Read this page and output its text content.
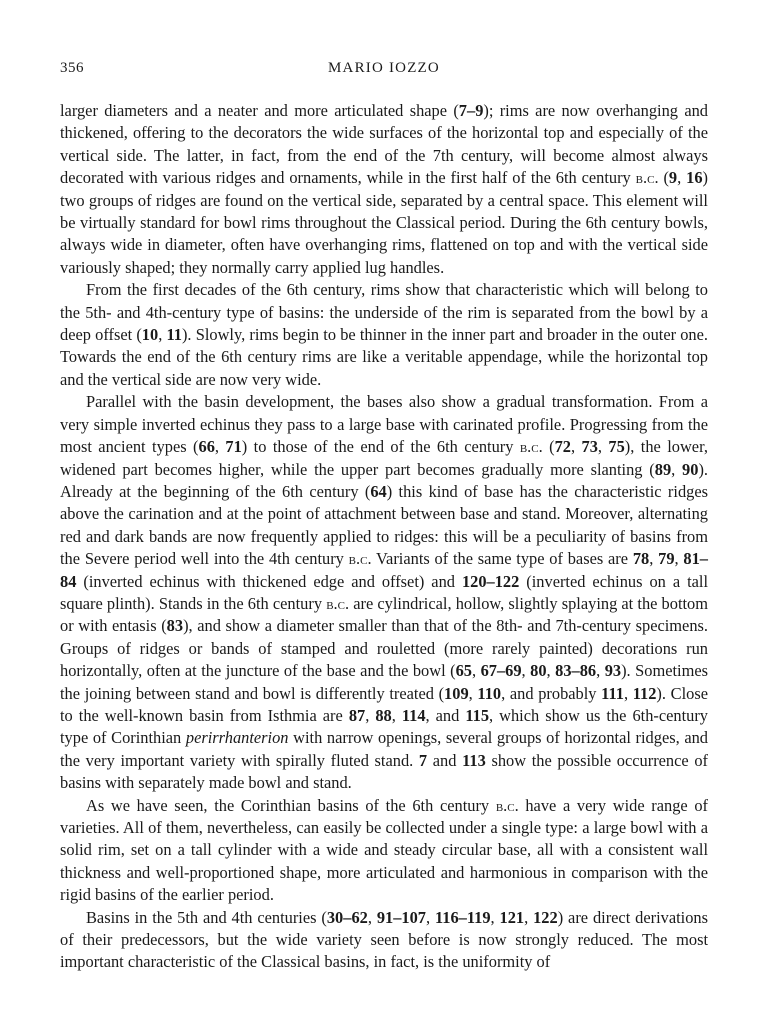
356	MARIO IOZZO

larger diameters and a neater and more articulated shape (7–9); rims are now overhanging and thickened, offering to the decorators the wide surfaces of the horizontal top and especially of the vertical side. The latter, in fact, from the end of the 7th century, will become almost always decorated with various ridges and ornaments, while in the first half of the 6th century b.c. (9, 16) two groups of ridges are found on the vertical side, separated by a central space. This element will be virtually standard for bowl rims throughout the Classical period. During the 6th century bowls, always wide in diameter, often have overhanging rims, flattened on top and with the vertical side variously shaped; they normally carry applied lug handles.

From the first decades of the 6th century, rims show that characteristic which will belong to the 5th- and 4th-century type of basins: the underside of the rim is separated from the bowl by a deep offset (10, 11). Slowly, rims begin to be thinner in the inner part and broader in the outer one. Towards the end of the 6th century rims are like a veritable appendage, while the horizontal top and the vertical side are now very wide.

Parallel with the basin development, the bases also show a gradual transformation. From a very simple inverted echinus they pass to a large base with carinated profile. Progressing from the most ancient types (66, 71) to those of the end of the 6th century b.c. (72, 73, 75), the lower, widened part becomes higher, while the upper part becomes gradually more slanting (89, 90). Already at the beginning of the 6th century (64) this kind of base has the characteristic ridges above the carination and at the point of attachment between base and stand. Moreover, alternating red and dark bands are now frequently applied to ridges: this will be a peculiarity of basins from the Severe period well into the 4th century b.c. Variants of the same type of bases are 78, 79, 81–84 (inverted echinus with thickened edge and offset) and 120–122 (inverted echinus on a tall square plinth). Stands in the 6th century b.c. are cylindrical, hollow, slightly splaying at the bottom or with entasis (83), and show a diameter smaller than that of the 8th- and 7th-century specimens. Groups of ridges or bands of stamped and rouletted (more rarely painted) decorations run horizontally, often at the juncture of the base and the bowl (65, 67–69, 80, 83–86, 93). Sometimes the joining between stand and bowl is differently treated (109, 110, and probably 111, 112). Close to the well-known basin from Isthmia are 87, 88, 114, and 115, which show us the 6th-century type of Corinthian perirrhanterion with narrow openings, several groups of horizontal ridges, and the very important variety with spirally fluted stand. 7 and 113 show the possible occurrence of basins with separately made bowl and stand.

As we have seen, the Corinthian basins of the 6th century b.c. have a very wide range of varieties. All of them, nevertheless, can easily be collected under a single type: a large bowl with a solid rim, set on a tall cylinder with a wide and steady circular base, all with a consistent wall thickness and well-proportioned shape, more articulated and harmonious in comparison with the rigid basins of the earlier period.

Basins in the 5th and 4th centuries (30–62, 91–107, 116–119, 121, 122) are direct derivations of their predecessors, but the wide variety seen before is now strongly reduced. The most important characteristic of the Classical basins, in fact, is the uniformity of
